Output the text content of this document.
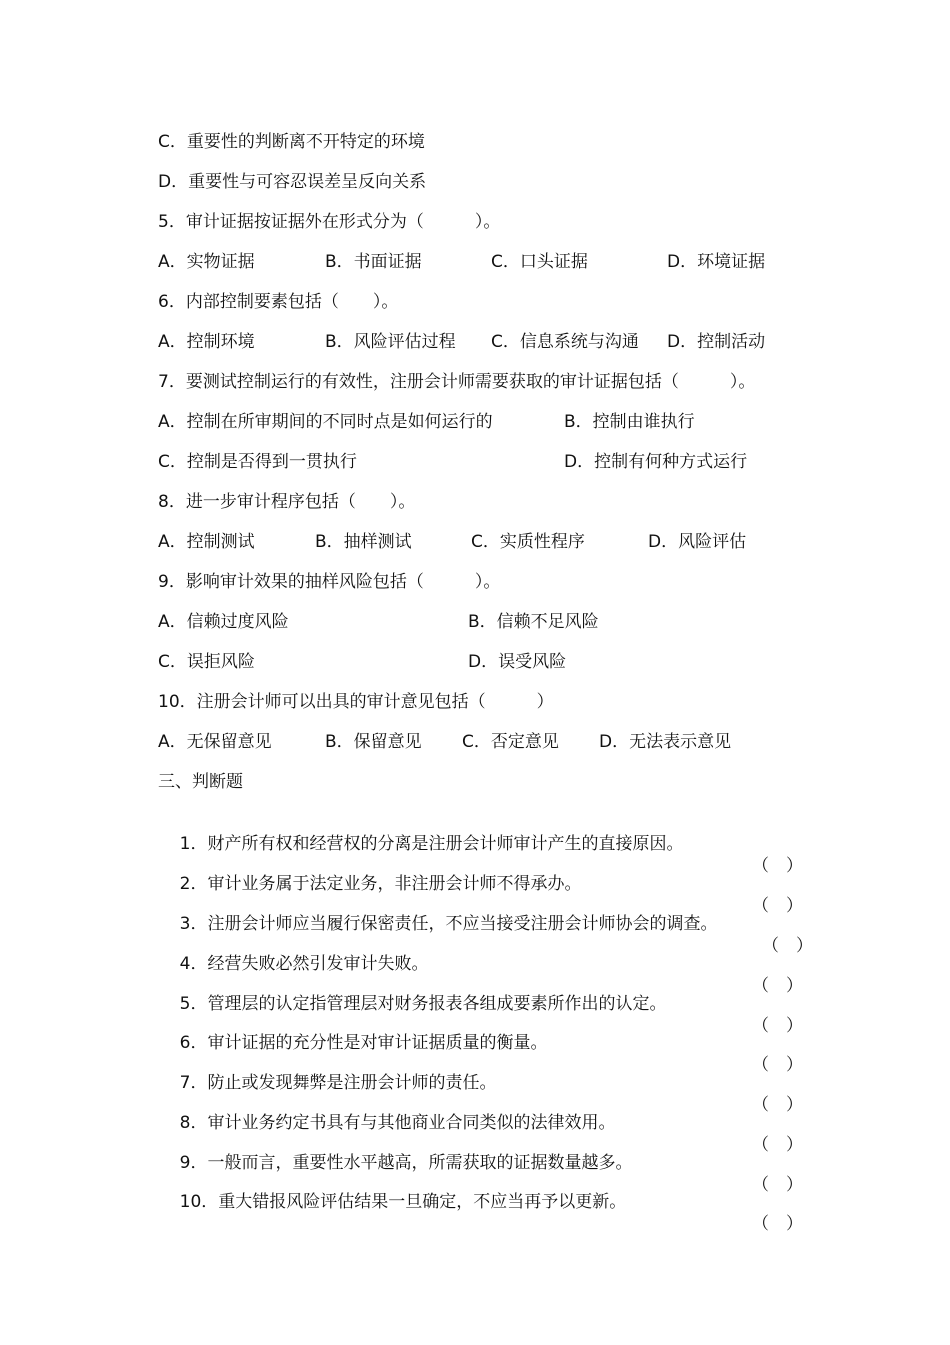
C．重要性的判断离不开特定的环境
D．重要性与可容忍误差呈反向关系
5．审计证据按证据外在形式分为（　　　）。

A．实物证据

	B．书面证据

	C．口头证据

	D．环境证据

6．内部控制要素包括（　　）。

A．控制环境

	B．风险评估过程

C．信息系统与沟通

D．控制活动

7．要测试控制运行的有效性，注册会计师需要获取的审计证据包括（　　　）。

A．控制在所审期间的不同时点是如何运行的

	B．控制由谁执行

C．控制是否得到一贯执行

	D．控制有何种方式运行

8．进一步审计程序包括（　　）。

A．控制测试

	B．抽样测试

	C．实质性程序

	D．风险评估

9．影响审计效果的抽样风险包括（　　　）。

A．信赖过度风险

	B．信赖不足风险

C．误拒风险

	D．误受风险

10．注册会计师可以出具的审计意见包括（　　　）

A．无保留意见

	B．保留意见

C．否定意见

D．无法表示意见

三、判断题

1．财产所有权和经营权的分离是注册会计师审计产生的直接原因。

（　）

2．审计业务属于法定业务，非注册会计师不得承办。

（　）

3．注册会计师应当履行保密责任，不应当接受注册会计师协会的调查。

（　）

4．经营失败必然引发审计失败。

（　）

5．管理层的认定指管理层对财务报表各组成要素所作出的认定。

（　）

6．审计证据的充分性是对审计证据质量的衡量。

（　）

7．防止或发现舞弊是注册会计师的责任。

（　）

8．审计业务约定书具有与其他商业合同类似的法律效用。

（　）

9．一般而言，重要性水平越高，所需获取的证据数量越多。

（　）

10．重大错报风险评估结果一旦确定，不应当再予以更新。

（　）
